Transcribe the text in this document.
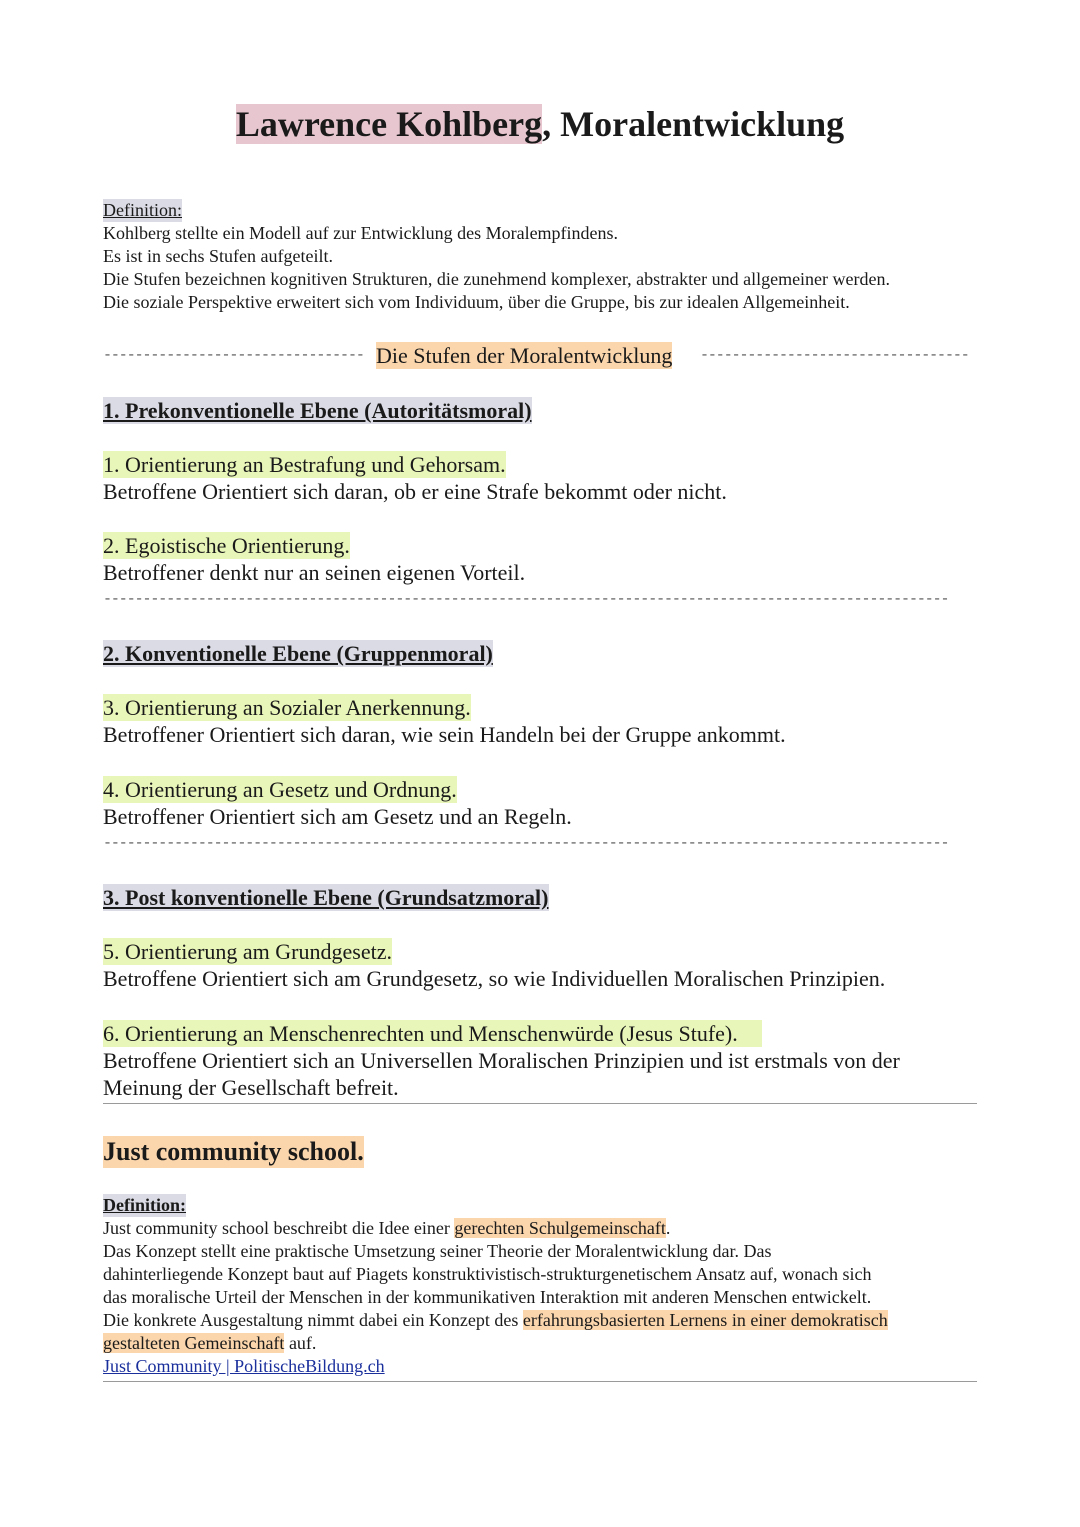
Lawrence Kohlberg, Moralentwicklung
Definition:
Kohlberg stellte ein Modell auf zur Entwicklung des Moralempfindens.
Es ist in sechs Stufen aufgeteilt.
Die Stufen bezeichnen kognitiven Strukturen, die zunehmend komplexer, abstrakter und allgemeiner werden.
Die soziale Perspektive erweitert sich vom Individuum, über die Gruppe, bis zur idealen Allgemeinheit.
--------------------------------- Die Stufen der Moralentwicklung ----------------------------------
1. Prekonventionelle Ebene (Autoritätsmoral)
1. Orientierung an Bestrafung und Gehorsam.
Betroffene Orientiert sich daran, ob er eine Strafe bekommt oder nicht.
2. Egoistische Orientierung.
Betroffener denkt nur an seinen eigenen Vorteil.
-----------------------------------------------------------------------------------------------------------
2. Konventionelle Ebene (Gruppenmoral)
3. Orientierung an Sozialer Anerkennung.
Betroffener Orientiert sich daran, wie sein Handeln bei der Gruppe ankommt.
4. Orientierung an Gesetz und Ordnung.
Betroffener Orientiert sich am Gesetz und an Regeln.
-----------------------------------------------------------------------------------------------------------
3. Post konventionelle Ebene (Grundsatzmoral)
5. Orientierung am Grundgesetz.
Betroffene Orientiert sich am Grundgesetz, so wie Individuellen Moralischen Prinzipien.
6. Orientierung an Menschenrechten und Menschenwürde (Jesus Stufe).
Betroffene Orientiert sich an Universellen Moralischen Prinzipien und ist erstmals von der
Meinung der Gesellschaft befreit.
Just community school.
Definition:
Just community school beschreibt die Idee einer gerechten Schulgemeinschaft.
Das Konzept stellt eine praktische Umsetzung seiner Theorie der Moralentwicklung dar. Das
dahinterliegende Konzept baut auf Piagets konstruktivistisch-strukturgenetischem Ansatz auf, wonach sich
das moralische Urteil der Menschen in der kommunikativen Interaktion mit anderen Menschen entwickelt.
Die konkrete Ausgestaltung nimmt dabei ein Konzept des erfahrungsbasierten Lernens in einer demokratisch
gestalteten Gemeinschaft auf.
Just Community | PolitischeBildung.ch
